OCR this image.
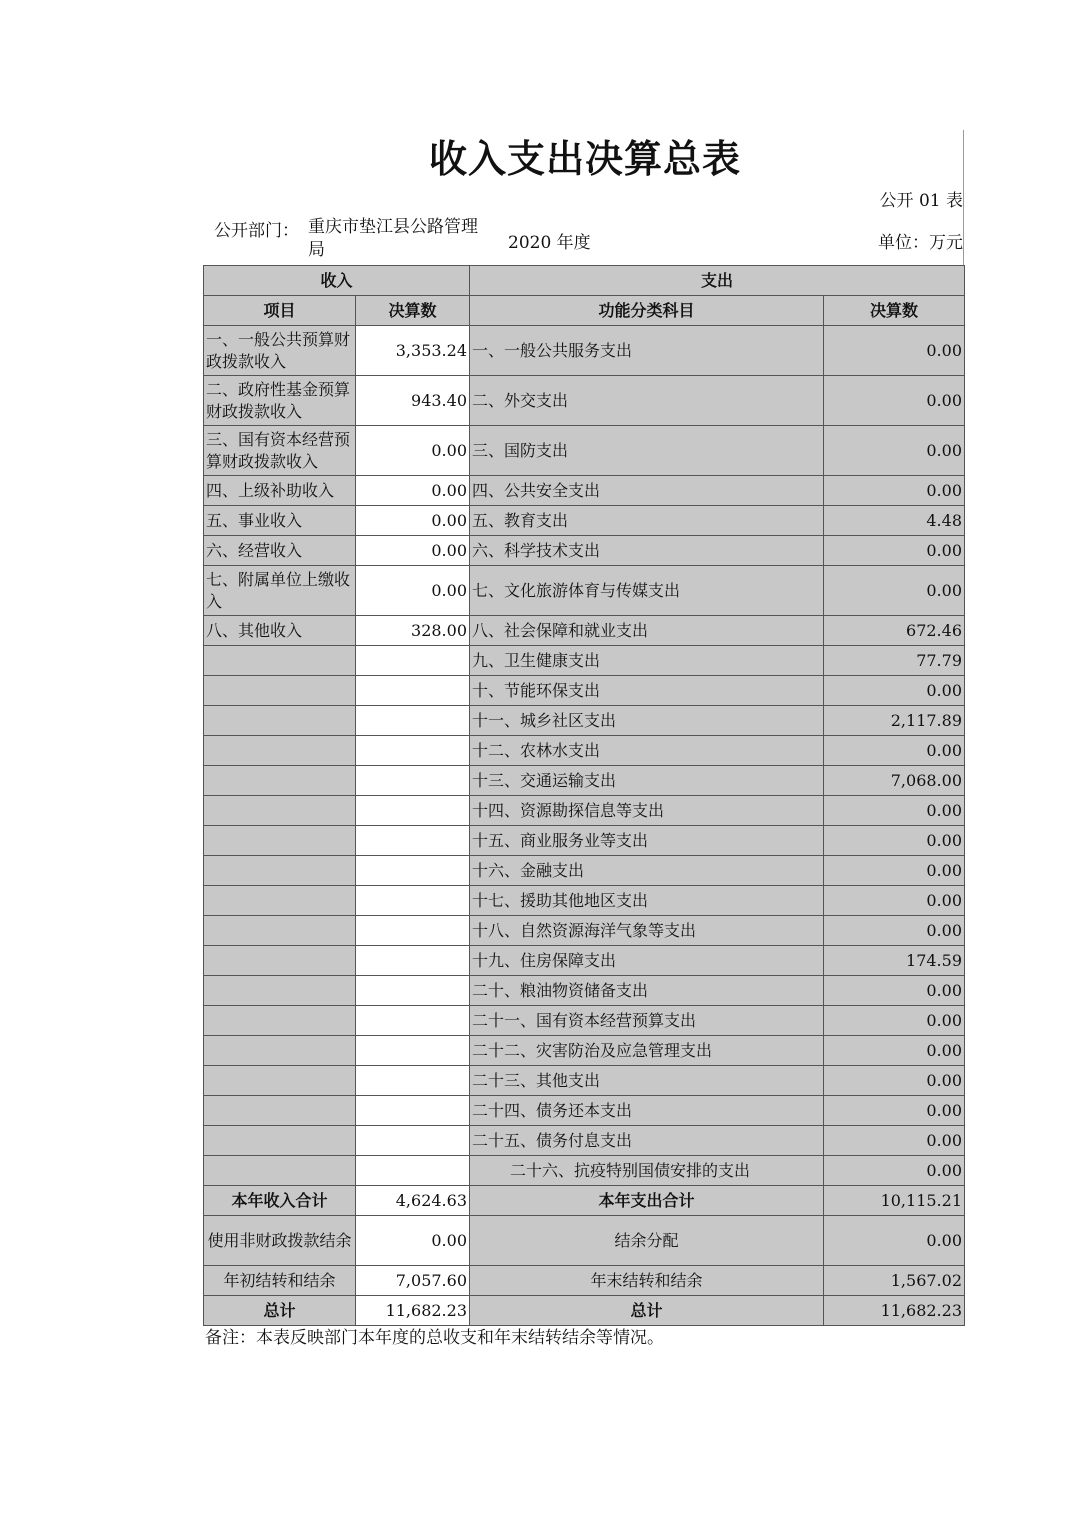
收入支出决算总表
公开 01 表
公开部门： 重庆市垫江县公路管理局	2020 年度	单位：万元
收入		支出	
项目	决算数	功能分类科目	决算数
一、一般公共预算财政拨款收入	3,353.24	一、一般公共服务支出	0.00
二、政府性基金预算财政拨款收入	943.40	二、外交支出	0.00
三、国有资本经营预算财政拨款收入	0.00	三、国防支出	0.00
四、上级补助收入	0.00	四、公共安全支出	0.00
五、事业收入	0.00	五、教育支出	4.48
六、经营收入	0.00	六、科学技术支出	0.00
七、附属单位上缴收入	0.00	七、文化旅游体育与传媒支出	0.00
八、其他收入	328.00	八、社会保障和就业支出	672.46
		九、卫生健康支出	77.79
		十、节能环保支出	0.00
		十一、城乡社区支出	2,117.89
		十二、农林水支出	0.00
		十三、交通运输支出	7,068.00
		十四、资源勘探信息等支出	0.00
		十五、商业服务业等支出	0.00
		十六、金融支出	0.00
		十七、援助其他地区支出	0.00
		十八、自然资源海洋气象等支出	0.00
		十九、住房保障支出	174.59
		二十、粮油物资储备支出	0.00
		二十一、国有资本经营预算支出	0.00
		二十二、灾害防治及应急管理支出	0.00
		二十三、其他支出	0.00
		二十四、债务还本支出	0.00
		二十五、债务付息支出	0.00
		二十六、抗疫特别国债安排的支出	0.00
本年收入合计	4,624.63	本年支出合计	10,115.21
使用非财政拨款结余	0.00	结余分配	0.00
年初结转和结余	7,057.60	年末结转和结余	1,567.02
总计	11,682.23	总计	11,682.23
备注：本表反映部门本年度的总收支和年末结转结余等情况。
